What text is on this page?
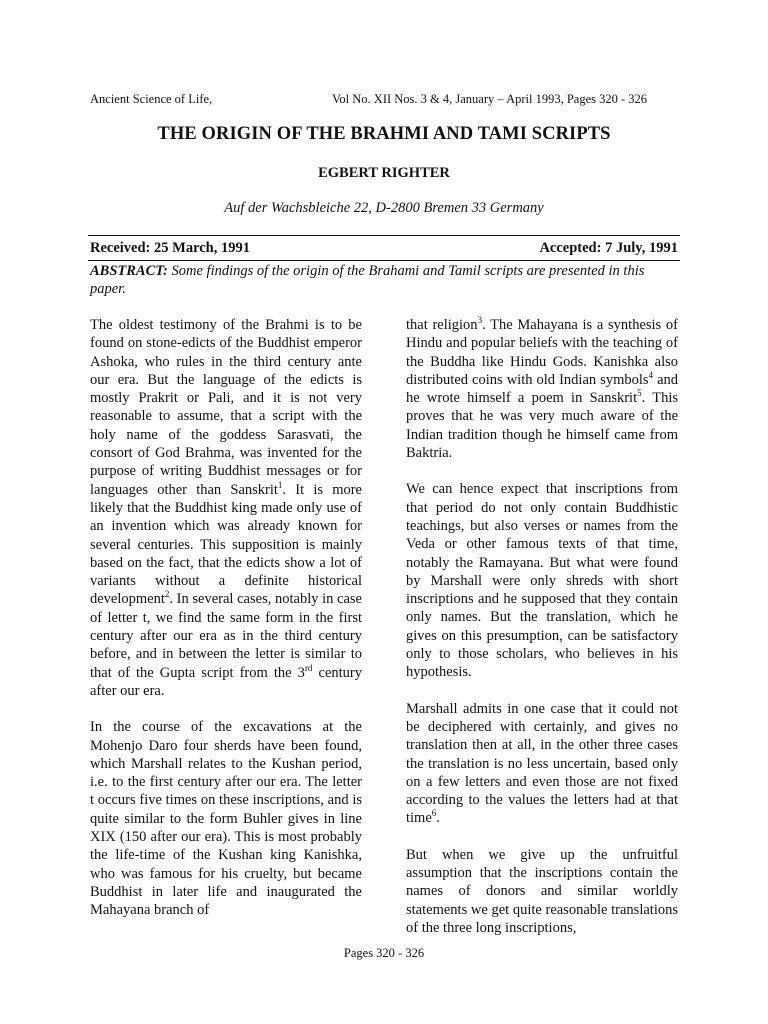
Ancient Science of Life,	Vol No. XII Nos. 3 & 4, January – April 1993, Pages 320 - 326
THE ORIGIN OF THE BRAHMI AND TAMI SCRIPTS
EGBERT RIGHTER
Auf der Wachsbleiche 22, D-2800 Bremen 33 Germany
Received: 25 March, 1991	Accepted: 7 July, 1991
ABSTRACT: Some findings of the origin of the Brahami and Tamil scripts are presented in this paper.

The oldest testimony of the Brahmi is to be found on stone-edicts of the Buddhist emperor Ashoka, who rules in the third century ante our era. But the language of the edicts is mostly Prakrit or Pali, and it is not very reasonable to assume, that a script with the holy name of the goddess Sarasvati, the consort of God Brahma, was invented for the purpose of writing Buddhist messages or for languages other than Sanskrit$^1$. It is more likely that the Buddhist king made only use of an invention which was already known for several centuries. This supposition is mainly based on the fact, that the edicts show a lot of variants without a definite historical development$^2$. In several cases, notably in case of letter t, we find the same form in the first century after our era as in the third century before, and in between the letter is similar to that of the Gupta script from the 3rd century after our era.

In the course of the excavations at the Mohenjo Daro four sherds have been found, which Marshall relates to the Kushan period, i.e. to the first century after our era. The letter t occurs five times on these inscriptions, and is quite similar to the form Buhler gives in line XIX (150 after our era). This is most probably the life-time of the Kushan king Kanishka, who was famous for his cruelty, but became Buddhist in later life and inaugurated the Mahayana branch of

that religion$^3$. The Mahayana is a synthesis of Hindu and popular beliefs with the teaching of the Buddha like Hindu Gods. Kanishka also distributed coins with old Indian symbols$^4$ and he wrote himself a poem in Sanskrit$^5$. This proves that he was very much aware of the Indian tradition though he himself came from Baktria.

We can hence expect that inscriptions from that period do not only contain Buddhistic teachings, but also verses or names from the Veda or other famous texts of that time, notably the Ramayana. But what were found by Marshall were only shreds with short inscriptions and he supposed that they contain only names. But the translation, which he gives on this presumption, can be satisfactory only to those scholars, who believes in his hypothesis.

Marshall admits in one case that it could not be deciphered with certainly, and gives no translation then at all, in the other three cases the translation is no less uncertain, based only on a few letters and even those are not fixed according to the values the letters had at that time$^6$.

But when we give up the unfruitful assumption that the inscriptions contain the names of donors and similar worldly statements we get quite reasonable translations of the three long inscriptions,

Pages 320 - 326
